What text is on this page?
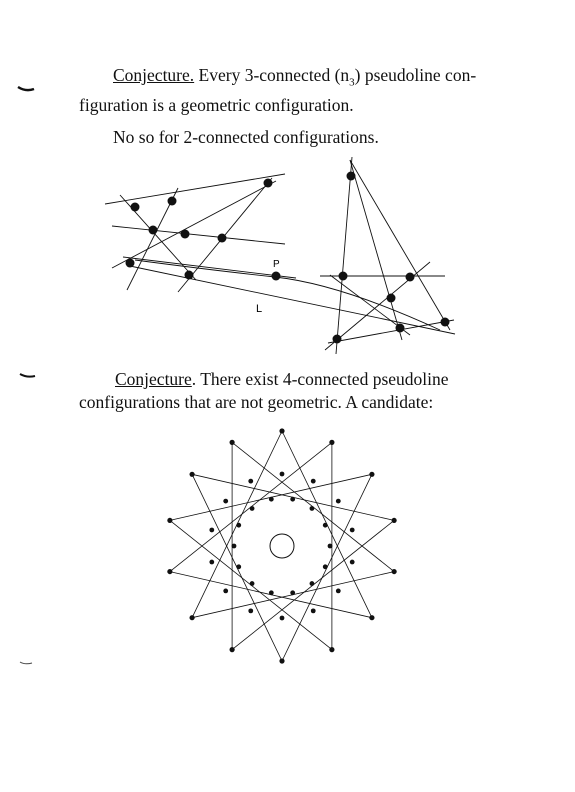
Conjecture. Every 3-connected $(n_3)$ pseudoline con-
figuration is a geometric configuration.
No so for 2-connected configurations.
Conjecture. There exist 4-connected pseudoline
configurations that are not geometric. A candidate:
P
L
